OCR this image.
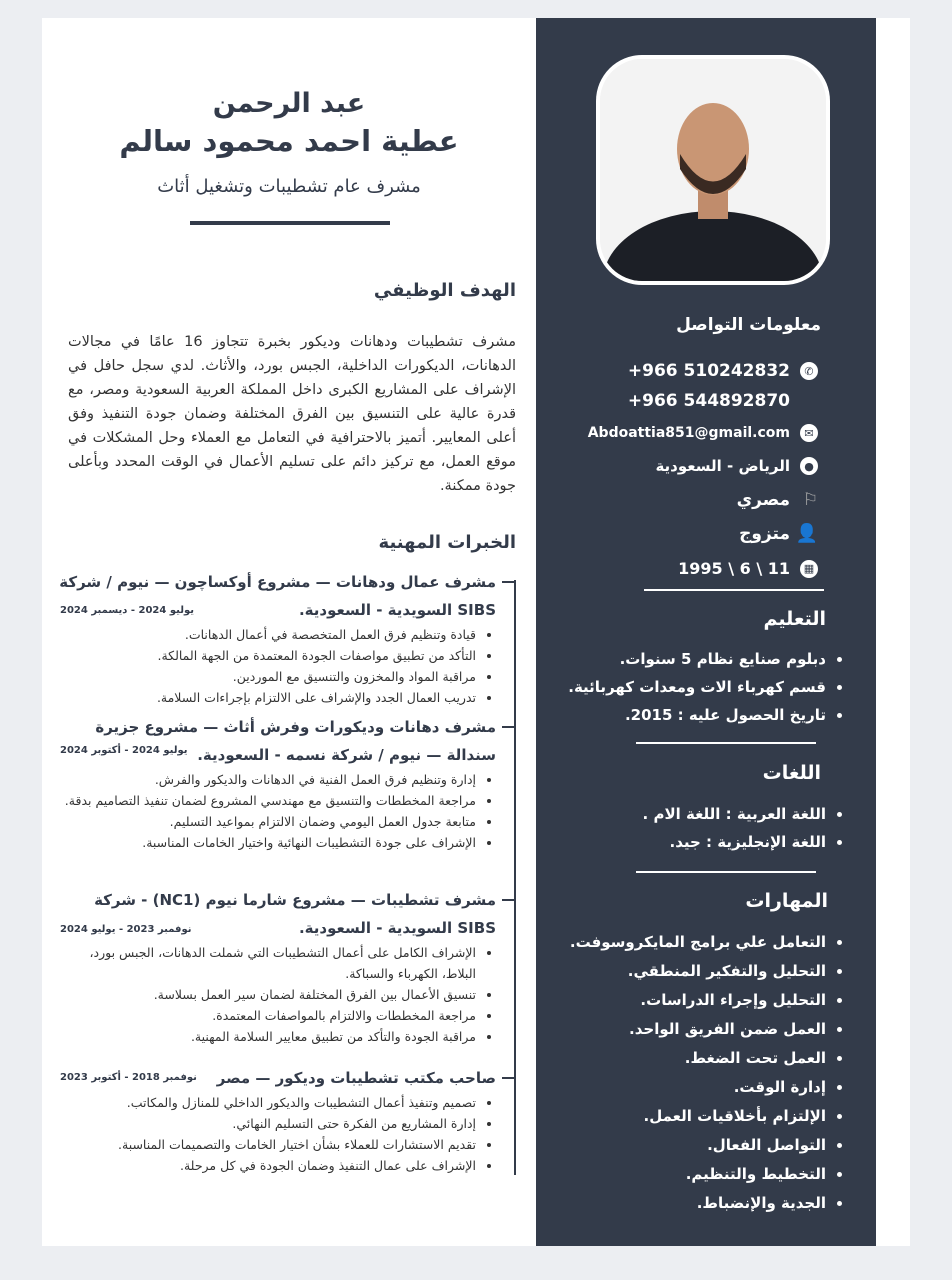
معلومات التواصل
✆
+966 510242832
+966 544892870
✉
Abdoattia851@gmail.com
●
الرياض - السعودية
⚐
مصري
👤
متزوج
▦
11 \ 6 \ 1995
التعليم
• دبلوم صنايع نظام 5 سنوات.
• قسم كهرباء الات ومعدات كهربائية.
• تاريخ الحصول عليه : 2015.
اللغات
• اللغة العربية : اللغة الام .
• اللغة الإنجليزية : جيد.
المهارات
• التعامل علي برامج المايكروسوفت.
• التحليل والتفكير المنطقي.
• التحليل وإجراء الدراسات.
• العمل ضمن الفريق الواحد.
• العمل تحت الضغط.
• إدارة الوقت.
• الإلتزام بأخلاقيات العمل.
• التواصل الفعال.
• التخطيط والتنظيم.
• الجدية والإنضباط.
عبد الرحمن
عطية احمد محمود سالم
مشرف عام تشطيبات وتشغيل أثاث
الهدف الوظيفي
مشرف تشطيبات ودهانات وديكور بخبرة تتجاوز 16 عامًا في مجالات الدهانات، الديكورات الداخلية، الجبس بورد، والأثاث. لدي سجل حافل في الإشراف على المشاريع الكبرى داخل المملكة العربية السعودية ومصر، مع قدرة عالية على التنسيق بين الفرق المختلفة وضمان جودة التنفيذ وفق أعلى المعايير. أتميز بالاحترافية في التعامل مع العملاء وحل المشكلات في موقع العمل، مع تركيز دائم على تسليم الأعمال في الوقت المحدد وبأعلى جودة ممكنة.
الخبرات المهنية
مشرف عمال ودهانات — مشروع أوكساچون — نيوم / شركة SIBS السويدية - السعودية.
يوليو 2024 - ديسمبر 2024
• قيادة وتنظيم فرق العمل المتخصصة في أعمال الدهانات.
• التأكد من تطبيق مواصفات الجودة المعتمدة من الجهة المالكة.
• مراقبة المواد والمخزون والتنسيق مع الموردين.
• تدريب العمال الجدد والإشراف على الالتزام بإجراءات السلامة.
مشرف دهانات وديكورات وفرش أثاث — مشروع جزيرة سندالة — نيوم / شركة نسمه - السعودية.
يوليو 2024 - أكتوبر 2024
• إدارة وتنظيم فرق العمل الفنية في الدهانات والديكور والفرش.
• مراجعة المخططات والتنسيق مع مهندسي المشروع لضمان تنفيذ التصاميم بدقة.
• متابعة جدول العمل اليومي وضمان الالتزام بمواعيد التسليم.
• الإشراف على جودة التشطيبات النهائية واختيار الخامات المناسبة.
مشرف تشطيبات — مشروع شارما نيوم (NC1) - شركة SIBS السويدية - السعودية.
نوفمبر 2023 - يوليو 2024
• الإشراف الكامل على أعمال التشطيبات التي شملت الدهانات، الجبس بورد، البلاط، الكهرباء والسباكة.
• تنسيق الأعمال بين الفرق المختلفة لضمان سير العمل بسلاسة.
• مراجعة المخططات والالتزام بالمواصفات المعتمدة.
• مراقبة الجودة والتأكد من تطبيق معايير السلامة المهنية.
صاحب مكتب تشطيبات وديكور — مصر
نوفمبر 2018 - أكتوبر 2023
• تصميم وتنفيذ أعمال التشطيبات والديكور الداخلي للمنازل والمكاتب.
• إدارة المشاريع من الفكرة حتى التسليم النهائي.
• تقديم الاستشارات للعملاء بشأن اختيار الخامات والتصميمات المناسبة.
• الإشراف على عمال التنفيذ وضمان الجودة في كل مرحلة.
